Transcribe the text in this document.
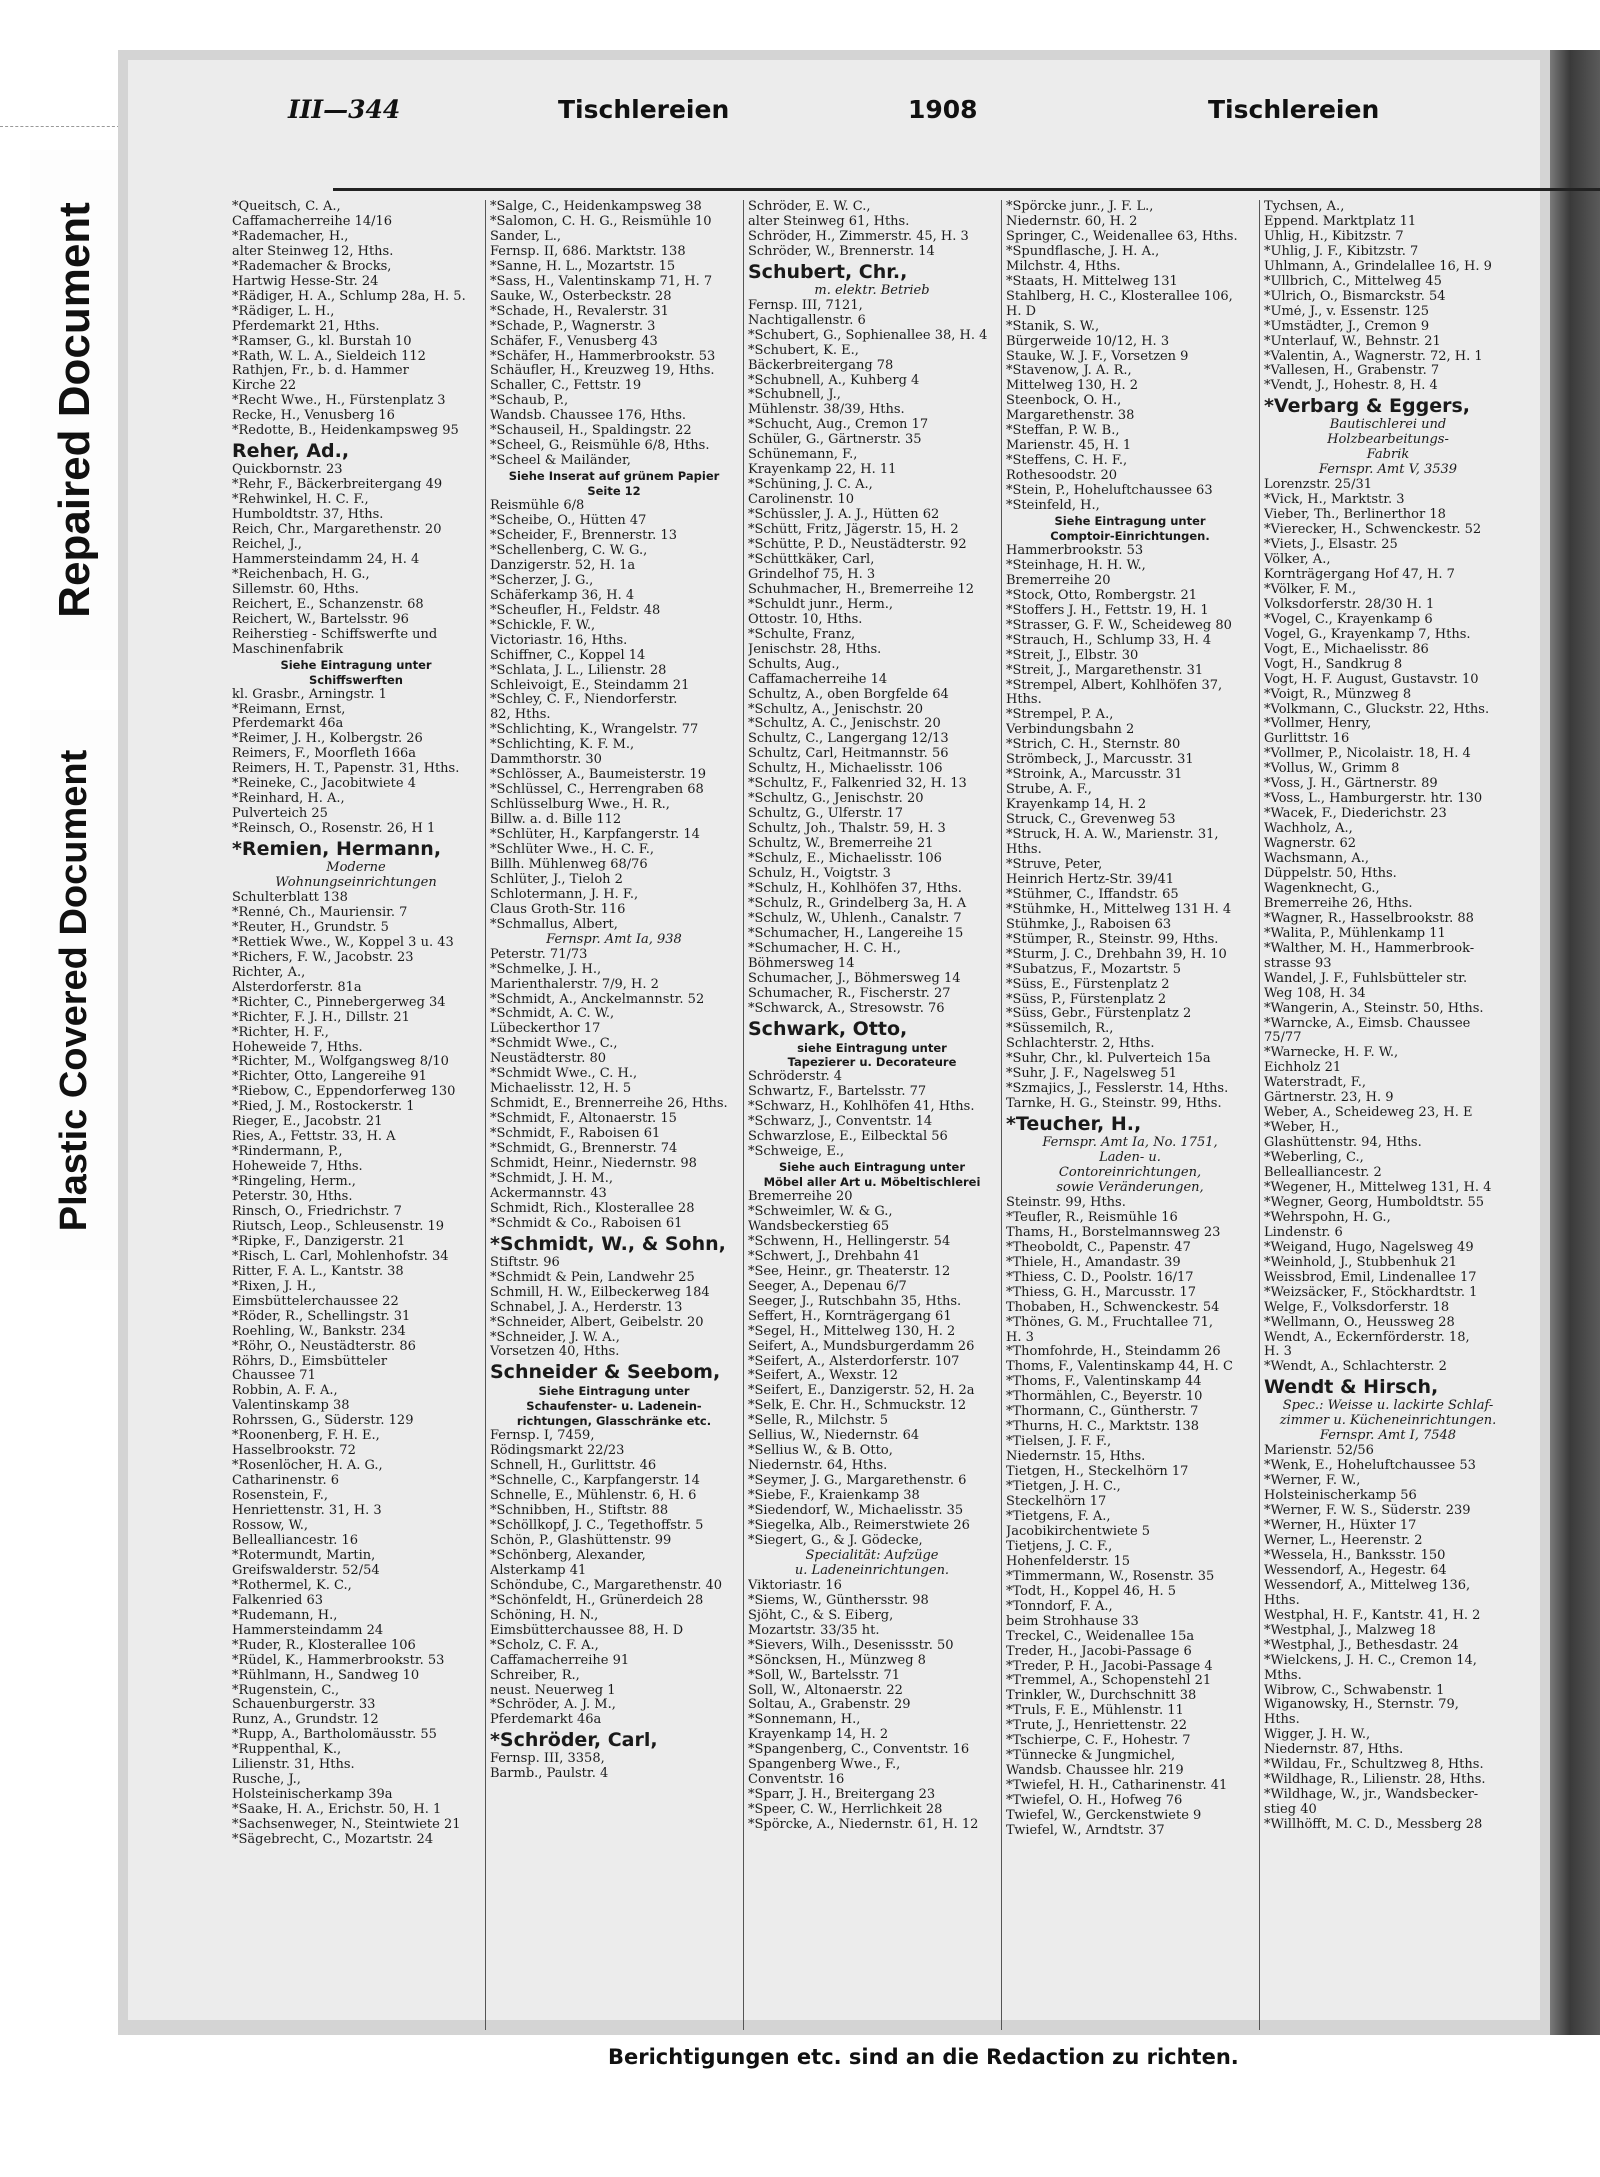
Repaired Document
Plastic Covered Document
III—344	Tischlereien	1908	Tischlereien
*Queitsch, C. A.,
Caffamacherreihe 14/16
*Rademacher, H.,
alter Steinweg 12, Hths.
*Rademacher & Brocks,
Hartwig Hesse-Str. 24
*Rädiger, H. A., Schlump 28a, H. 5.
*Rädiger, L. H.,
Pferdemarkt 21, Hths.
*Ramser, G., kl. Burstah 10
*Rath, W. L. A., Sieldeich 112
Rathjen, Fr., b. d. Hammer
Kirche 22
*Recht Wwe., H., Fürstenplatz 3
Recke, H., Venusberg 16
*Redotte, B., Heidenkampsweg 95
Reher, Ad.,
Quickbornstr. 23
*Rehr, F., Bäckerbreitergang 49
*Rehwinkel, H. C. F.,
Humboldtstr. 37, Hths.
Reich, Chr., Margarethenstr. 20
Reichel, J.,
Hammersteindamm 24, H. 4
*Reichenbach, H. G.,
Sillemstr. 60, Hths.
Reichert, E., Schanzenstr. 68
Reichert, W., Bartelsstr. 96
Reiherstieg - Schiffswerfte und
Maschinenfabrik
Siehe Eintragung unter
Schiffswerften
kl. Grasbr., Arningstr. 1
*Reimann, Ernst,
Pferdemarkt 46a
*Reimer, J. H., Kolbergstr. 26
Reimers, F., Moorfleth 166a
Reimers, H. T., Papenstr. 31, Hths.
*Reineke, C., Jacobitwiete 4
*Reinhard, H. A.,
Pulverteich 25
*Reinsch, O., Rosenstr. 26, H 1
*Remien, Hermann,
Moderne
Wohnungseinrichtungen
Schulterblatt 138
*Renné, Ch., Mauriensir. 7
*Reuter, H., Grundstr. 5
*Rettiek Wwe., W., Koppel 3 u. 43
*Richers, F. W., Jacobstr. 23
Richter, A.,
Alsterdorferstr. 81a
*Richter, C., Pinnebergerweg 34
*Richter, F. J. H., Dillstr. 21
*Richter, H. F.,
Hoheweide 7, Hths.
*Richter, M., Wolfgangsweg 8/10
*Richter, Otto, Langereihe 91
*Riebow, C., Eppendorferweg 130
*Ried, J. M., Rostockerstr. 1
Rieger, E., Jacobstr. 21
Ries, A., Fettstr. 33, H. A
*Rindermann, P.,
Hoheweide 7, Hths.
*Ringeling, Herm.,
Peterstr. 30, Hths.
Rinsch, O., Friedrichstr. 7
Riutsch, Leop., Schleusenstr. 19
*Ripke, F., Danzigerstr. 21
*Risch, L. Carl, Mohlenhofstr. 34
Ritter, F. A. L., Kantstr. 38
*Rixen, J. H.,
Eimsbüttelerchaussee 22
*Röder, R., Schellingstr. 31
Roehling, W., Bankstr. 234
*Röhr, O., Neustädterstr. 86
Röhrs, D., Eimsbütteler
Chaussee 71
Robbin, A. F. A.,
Valentinskamp 38
Rohrssen, G., Süderstr. 129
*Roonenberg, F. H. E.,
Hasselbrookstr. 72
*Rosenlöcher, H. A. G.,
Catharinenstr. 6
Rosenstein, F.,
Henriettenstr. 31, H. 3
Rossow, W.,
Bellealliancestr. 16
*Rotermundt, Martin,
Greifswalderstr. 52/54
*Rothermel, K. C.,
Falkenried 63
*Rudemann, H.,
Hammersteindamm 24
*Ruder, R., Klosterallee 106
*Rüdel, K., Hammerbrookstr. 53
*Rühlmann, H., Sandweg 10
*Rugenstein, C.,
Schauenburgerstr. 33
Runz, A., Grundstr. 12
*Rupp, A., Bartholomäusstr. 55
*Ruppenthal, K.,
Lilienstr. 31, Hths.
Rusche, J.,
Holsteinischerkamp 39a
*Saake, H. A., Erichstr. 50, H. 1
*Sachsenweger, N., Steintwiete 21
*Sägebrecht, C., Mozartstr. 24
*Salge, C., Heidenkampsweg 38
*Salomon, C. H. G., Reismühle 10
Sander, L.,
Fernsp. II, 686. Marktstr. 138
*Sanne, H. L., Mozartstr. 15
*Sass, H., Valentinskamp 71, H. 7
Sauke, W., Osterbeckstr. 28
*Schade, H., Revalerstr. 31
*Schade, P., Wagnerstr. 3
Schäfer, F., Venusberg 43
*Schäfer, H., Hammerbrookstr. 53
Schäufler, H., Kreuzweg 19, Hths.
Schaller, C., Fettstr. 19
*Schaub, P.,
Wandsb. Chaussee 176, Hths.
*Schauseil, H., Spaldingstr. 22
*Scheel, G., Reismühle 6/8, Hths.
*Scheel & Mailänder,
Siehe Inserat auf grünem Papier
Seite 12
Reismühle 6/8
*Scheibe, O., Hütten 47
*Scheider, F., Brennerstr. 13
*Schellenberg, C. W. G.,
Danzigerstr. 52, H. 1a
*Scherzer, J. G.,
Schäferkamp 36, H. 4
*Scheufler, H., Feldstr. 48
*Schickle, F. W.,
Victoriastr. 16, Hths.
Schiffner, C., Koppel 14
*Schlata, J. L., Lilienstr. 28
Schleivoigt, E., Steindamm 21
*Schley, C. F., Niendorferstr.
82, Hths.
*Schlichting, K., Wrangelstr. 77
*Schlichting, K. F. M.,
Dammthorstr. 30
*Schlösser, A., Baumeisterstr. 19
*Schlüssel, C., Herrengraben 68
Schlüsselburg Wwe., H. R.,
Billw. a. d. Bille 112
*Schlüter, H., Karpfangerstr. 14
*Schlüter Wwe., H. C. F.,
Billh. Mühlenweg 68/76
Schlüter, J., Tieloh 2
Schlotermann, J. H. F.,
Claus Groth-Str. 116
*Schmallus, Albert,
Fernspr. Amt Ia, 938
Peterstr. 71/73
*Schmelke, J. H.,
Marienthalerstr. 7/9, H. 2
*Schmidt, A., Anckelmannstr. 52
*Schmidt, A. C. W.,
Lübeckerthor 17
*Schmidt Wwe., C.,
Neustädterstr. 80
*Schmidt Wwe., C. H.,
Michaelisstr. 12, H. 5
Schmidt, E., Brennerreihe 26, Hths.
*Schmidt, F., Altonaerstr. 15
*Schmidt, F., Raboisen 61
*Schmidt, G., Brennerstr. 74
Schmidt, Heinr., Niedernstr. 98
*Schmidt, J. H. M.,
Ackermannstr. 43
Schmidt, Rich., Klosterallee 28
*Schmidt & Co., Raboisen 61
*Schmidt, W., & Sohn,
Stiftstr. 96
*Schmidt & Pein, Landwehr 25
Schmill, H. W., Eilbeckerweg 184
Schnabel, J. A., Herderstr. 13
*Schneider, Albert, Geibelstr. 20
*Schneider, J. W. A.,
Vorsetzen 40, Hths.
Schneider & Seebom,
Siehe Eintragung unter
Schaufenster- u. Ladenein-
richtungen, Glasschränke etc.
Fernsp. I, 7459,
Rödingsmarkt 22/23
Schnell, H., Gurlittstr. 46
*Schnelle, C., Karpfangerstr. 14
Schnelle, E., Mühlenstr. 6, H. 6
*Schnibben, H., Stiftstr. 88
*Schöllkopf, J. C., Tegethoffstr. 5
Schön, P., Glashüttenstr. 99
*Schönberg, Alexander,
Alsterkamp 41
Schöndube, C., Margarethenstr. 40
*Schönfeldt, H., Grünerdeich 28
Schöning, H. N.,
Eimsbütterchaussee 88, H. D
*Scholz, C. F. A.,
Caffamacherreihe 91
Schreiber, R.,
neust. Neuerweg 1
*Schröder, A. J. M.,
Pferdemarkt 46a
*Schröder, Carl,
Fernsp. III, 3358,
Barmb., Paulstr. 4
Schröder, E. W. C.,
alter Steinweg 61, Hths.
Schröder, H., Zimmerstr. 45, H. 3
Schröder, W., Brennerstr. 14
Schubert, Chr.,
m. elektr. Betrieb
Fernsp. III, 7121,
Nachtigallenstr. 6
*Schubert, G., Sophienallee 38, H. 4
*Schubert, K. E.,
Bäckerbreitergang 78
*Schubnell, A., Kuhberg 4
*Schubnell, J.,
Mühlenstr. 38/39, Hths.
*Schucht, Aug., Cremon 17
Schüler, G., Gärtnerstr. 35
Schünemann, F.,
Krayenkamp 22, H. 11
*Schüning, J. C. A.,
Carolinenstr. 10
*Schüssler, J. A. J., Hütten 62
*Schütt, Fritz, Jägerstr. 15, H. 2
*Schütte, P. D., Neustädterstr. 92
*Schüttkäker, Carl,
Grindelhof 75, H. 3
Schuhmacher, H., Bremerreihe 12
*Schuldt junr., Herm.,
Ottostr. 10, Hths.
*Schulte, Franz,
Jenischstr. 28, Hths.
Schults, Aug.,
Caffamacherreihe 14
Schultz, A., oben Borgfelde 64
*Schultz, A., Jenischstr. 20
*Schultz, A. C., Jenischstr. 20
Schultz, C., Langergang 12/13
Schultz, Carl, Heitmannstr. 56
Schultz, H., Michaelisstr. 106
*Schultz, F., Falkenried 32, H. 13
*Schultz, G., Jenischstr. 20
Schultz, G., Ulferstr. 17
Schultz, Joh., Thalstr. 59, H. 3
Schultz, W., Bremerreihe 21
*Schulz, E., Michaelisstr. 106
Schulz, H., Voigtstr. 3
*Schulz, H., Kohlhöfen 37, Hths.
*Schulz, R., Grindelberg 3a, H. A
*Schulz, W., Uhlenh., Canalstr. 7
*Schumacher, H., Langereihe 15
*Schumacher, H. C. H.,
Böhmersweg 14
Schumacher, J., Böhmersweg 14
Schumacher, R., Fischerstr. 27
*Schwarck, A., Stresowstr. 76
Schwark, Otto,
siehe Eintragung unter
Tapezierer u. Decorateure
Schröderstr. 4
Schwartz, F., Bartelsstr. 77
*Schwarz, H., Kohlhöfen 41, Hths.
*Schwarz, J., Conventstr. 14
Schwarzlose, E., Eilbecktal 56
*Schweige, E.,
Siehe auch Eintragung unter
Möbel aller Art u. Möbeltischlerei
Bremerreihe 20
*Schweimler, W. & G.,
Wandsbeckerstieg 65
*Schwenn, H., Hellingerstr. 54
*Schwert, J., Drehbahn 41
*See, Heinr., gr. Theaterstr. 12
Seeger, A., Depenau 6/7
Seeger, J., Rutschbahn 35, Hths.
Seffert, H., Kornträgergang 61
*Segel, H., Mittelweg 130, H. 2
Seifert, A., Mundsburgerdamm 26
*Seifert, A., Alsterdorferstr. 107
*Seifert, A., Wexstr. 12
*Seifert, E., Danzigerstr. 52, H. 2a
*Selk, E. Chr. H., Schmuckstr. 12
*Selle, R., Milchstr. 5
Sellius, W., Niedernstr. 64
*Sellius W., & B. Otto,
Niedernstr. 64, Hths.
*Seymer, J. G., Margarethenstr. 6
*Siebe, F., Kraienkamp 38
*Siedendorf, W., Michaelisstr. 35
*Siegelka, Alb., Reimerstwiete 26
*Siegert, G., & J. Gödecke,
Specialität: Aufzüge
u. Ladeneinrichtungen.
Viktoriastr. 16
*Siems, W., Günthersstr. 98
Sjöht, C., & S. Eiberg,
Mozartstr. 33/35 ht.
*Sievers, Wilh., Desenissstr. 50
*Söncksen, H., Münzweg 8
*Soll, W., Bartelsstr. 71
Soll, W., Altonaerstr. 22
Soltau, A., Grabenstr. 29
*Sonnemann, H.,
Krayenkamp 14, H. 2
*Spangenberg, C., Conventstr. 16
Spangenberg Wwe., F.,
Conventstr. 16
*Sparr, J. H., Breitergang 23
*Speer, C. W., Herrlichkeit 28
*Spörcke, A., Niedernstr. 61, H. 12
*Spörcke junr., J. F. L.,
Niedernstr. 60, H. 2
Springer, C., Weidenallee 63, Hths.
*Spundflasche, J. H. A.,
Milchstr. 4, Hths.
*Staats, H. Mittelweg 131
Stahlberg, H. C., Klosterallee 106,
H. D
*Stanik, S. W.,
Bürgerweide 10/12, H. 3
Stauke, W. J. F., Vorsetzen 9
*Stavenow, J. A. R.,
Mittelweg 130, H. 2
Steenbock, O. H.,
Margarethenstr. 38
*Steffan, P. W. B.,
Marienstr. 45, H. 1
*Steffens, C. H. F.,
Rothesoodstr. 20
*Stein, P., Hoheluftchaussee 63
*Steinfeld, H.,
Siehe Eintragung unter
Comptoir-Einrichtungen.
Hammerbrookstr. 53
*Steinhage, H. H. W.,
Bremerreihe 20
*Stock, Otto, Rombergstr. 21
*Stoffers J. H., Fettstr. 19, H. 1
*Strasser, G. F. W., Scheideweg 80
*Strauch, H., Schlump 33, H. 4
*Streit, J., Elbstr. 30
*Streit, J., Margarethenstr. 31
*Strempel, Albert, Kohlhöfen 37,
Hths.
*Strempel, P. A.,
Verbindungsbahn 2
*Strich, C. H., Sternstr. 80
Strömbeck, J., Marcusstr. 31
*Stroink, A., Marcusstr. 31
Strube, A. F.,
Krayenkamp 14, H. 2
Struck, C., Grevenweg 53
*Struck, H. A. W., Marienstr. 31,
Hths.
*Struve, Peter,
Heinrich Hertz-Str. 39/41
*Stühmer, C., Iffandstr. 65
*Stühmke, H., Mittelweg 131 H. 4
Stühmke, J., Raboisen 63
*Stümper, R., Steinstr. 99, Hths.
*Sturm, J. C., Drehbahn 39, H. 10
*Subatzus, F., Mozartstr. 5
*Süss, E., Fürstenplatz 2
*Süss, P., Fürstenplatz 2
*Süss, Gebr., Fürstenplatz 2
*Süssemilch, R.,
Schlachterstr. 2, Hths.
*Suhr, Chr., kl. Pulverteich 15a
*Suhr, J. F., Nagelsweg 51
*Szmajics, J., Fesslerstr. 14, Hths.
Tarnke, H. G., Steinstr. 99, Hths.
*Teucher, H.,
Fernspr. Amt Ia, No. 1751,
Laden- u.
Contoreinrichtungen,
sowie Veränderungen,
Steinstr. 99, Hths.
*Teufler, R., Reismühle 16
Thams, H., Borstelmannsweg 23
*Theoboldt, C., Papenstr. 47
*Thiele, H., Amandastr. 39
*Thiess, C. D., Poolstr. 16/17
*Thiess, G. H., Marcusstr. 17
Thobaben, H., Schwenckestr. 54
*Thönes, G. M., Fruchtallee 71,
H. 3
*Thomfohrde, H., Steindamm 26
Thoms, F., Valentinskamp 44, H. C
*Thoms, F., Valentinskamp 44
*Thormählen, C., Beyerstr. 10
*Thormann, C., Güntherstr. 7
*Thurns, H. C., Marktstr. 138
*Tielsen, J. F. F.,
Niedernstr. 15, Hths.
Tietgen, H., Steckelhörn 17
*Tietgen, J. H. C.,
Steckelhörn 17
*Tietgens, F. A.,
Jacobikirchentwiete 5
Tietjens, J. C. F.,
Hohenfelderstr. 15
*Timmermann, W., Rosenstr. 35
*Todt, H., Koppel 46, H. 5
*Tonndorf, F. A.,
beim Strohhause 33
Treckel, C., Weidenallee 15a
Treder, H., Jacobi-Passage 6
*Treder, P. H., Jacobi-Passage 4
*Tremmel, A., Schopenstehl 21
Trinkler, W., Durchschnitt 38
*Truls, F. E., Mühlenstr. 11
*Trute, J., Henriettenstr. 22
*Tschierpe, C. F., Hohestr. 7
*Tünnecke & Jungmichel,
Wandsb. Chaussee hlr. 219
*Twiefel, H. H., Catharinenstr. 41
*Twiefel, O. H., Hofweg 76
Twiefel, W., Gerckenstwiete 9
Twiefel, W., Arndtstr. 37
Tychsen, A.,
Eppend. Marktplatz 11
Uhlig, H., Kibitzstr. 7
*Uhlig, J. F., Kibitzstr. 7
Uhlmann, A., Grindelallee 16, H. 9
*Ullbrich, C., Mittelweg 45
*Ulrich, O., Bismarckstr. 54
*Umé, J., v. Essenstr. 125
*Umstädter, J., Cremon 9
*Unterlauf, W., Behnstr. 21
*Valentin, A., Wagnerstr. 72, H. 1
*Vallesen, H., Grabenstr. 7
*Vendt, J., Hohestr. 8, H. 4
*Verbarg & Eggers,
Bautischlerei und
Holzbearbeitungs-
Fabrik
Fernspr. Amt V, 3539
Lorenzstr. 25/31
*Vick, H., Marktstr. 3
Vieber, Th., Berlinerthor 18
*Vierecker, H., Schwenckestr. 52
*Viets, J., Elsastr. 25
Völker, A.,
Kornträgergang Hof 47, H. 7
*Völker, F. M.,
Volksdorferstr. 28/30 H. 1
*Vogel, C., Krayenkamp 6
Vogel, G., Krayenkamp 7, Hths.
Vogt, E., Michaelisstr. 86
Vogt, H., Sandkrug 8
Vogt, H. F. August, Gustavstr. 10
*Voigt, R., Münzweg 8
*Volkmann, C., Gluckstr. 22, Hths.
*Vollmer, Henry,
Gurlittstr. 16
*Vollmer, P., Nicolaistr. 18, H. 4
*Vollus, W., Grimm 8
*Voss, J. H., Gärtnerstr. 89
*Voss, L., Hamburgerstr. htr. 130
*Wacek, F., Diederichstr. 23
Wachholz, A.,
Wagnerstr. 62
Wachsmann, A.,
Düppelstr. 50, Hths.
Wagenknecht, G.,
Bremerreihe 26, Hths.
*Wagner, R., Hasselbrookstr. 88
*Walita, P., Mühlenkamp 11
*Walther, M. H., Hammerbrook-
strasse 93
Wandel, J. F., Fuhlsbütteler str.
Weg 108, H. 34
*Wangerin, A., Steinstr. 50, Hths.
*Warncke, A., Eimsb. Chaussee
75/77
*Warnecke, H. F. W.,
Eichholz 21
Waterstradt, F.,
Gärtnerstr. 23, H. 9
Weber, A., Scheideweg 23, H. E
*Weber, H.,
Glashüttenstr. 94, Hths.
*Weberling, C.,
Bellealliancestr. 2
*Wegener, H., Mittelweg 131, H. 4
*Wegner, Georg, Humboldtstr. 55
*Wehrspohn, H. G.,
Lindenstr. 6
*Weigand, Hugo, Nagelsweg 49
*Weinhold, J., Stubbenhuk 21
Weissbrod, Emil, Lindenallee 17
*Weizsäcker, F., Stöckhardtstr. 1
Welge, F., Volksdorferstr. 18
*Wellmann, O., Heussweg 28
Wendt, A., Eckernförderstr. 18,
H. 3
*Wendt, A., Schlachterstr. 2
Wendt & Hirsch,
Spec.: Weisse u. lackirte Schlaf-
zimmer u. Kücheneinrichtungen.
Fernspr. Amt I, 7548
Marienstr. 52/56
*Wenk, E., Hoheluftchaussee 53
*Werner, F. W.,
Holsteinischerkamp 56
*Werner, F. W. S., Süderstr. 239
*Werner, H., Hüxter 17
Werner, L., Heerenstr. 2
*Wessela, H., Banksstr. 150
Wessendorf, A., Hegestr. 64
Wessendorf, A., Mittelweg 136,
Hths.
Westphal, H. F., Kantstr. 41, H. 2
*Westphal, J., Malzweg 18
*Westphal, J., Bethesdastr. 24
*Wielckens, J. H. C., Cremon 14,
Mths.
Wibrow, C., Schwabenstr. 1
Wiganowsky, H., Sternstr. 79,
Hths.
Wigger, J. H. W.,
Niedernstr. 87, Hths.
*Wildau, Fr., Schultzweg 8, Hths.
*Wildhage, R., Lilienstr. 28, Hths.
*Wildhage, W., jr., Wandsbecker-
stieg 40
*Willhöfft, M. C. D., Messberg 28
Berichtigungen etc. sind an die Redaction zu richten.
